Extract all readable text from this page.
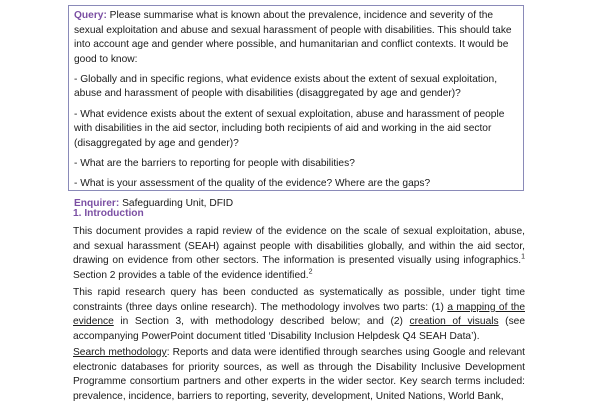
Query: Please summarise what is known about the prevalence, incidence and severity of the sexual exploitation and abuse and sexual harassment of people with disabilities. This should take into account age and gender where possible, and humanitarian and conflict contexts. It would be good to know:

- Globally and in specific regions, what evidence exists about the extent of sexual exploitation, abuse and harassment of people with disabilities (disaggregated by age and gender)?

- What evidence exists about the extent of sexual exploitation, abuse and harassment of people with disabilities in the aid sector, including both recipients of aid and working in the aid sector (disaggregated by age and gender)?

- What are the barriers to reporting for people with disabilities?

- What is your assessment of the quality of the evidence? Where are the gaps?

Enquirer: Safeguarding Unit, DFID

1. Introduction

This document provides a rapid review of the evidence on the scale of sexual exploitation, abuse, and sexual harassment (SEAH) against people with disabilities globally, and within the aid sector, drawing on evidence from other sectors. The information is presented visually using infographics.$^1$ Section 2 provides a table of the evidence identified.$^2$

This rapid research query has been conducted as systematically as possible, under tight time constraints (three days online research). The methodology involves two parts: (1) a mapping of the evidence in Section 3, with methodology described below; and (2) creation of visuals (see accompanying PowerPoint document titled ‘Disability Inclusion Helpdesk Q4 SEAH Data’).

Search methodology: Reports and data were identified through searches using Google and relevant electronic databases for priority sources, as well as through the Disability Inclusive Development Programme consortium partners and other experts in the wider sector. Key search terms included: prevalence, incidence, barriers to reporting, severity, development, United Nations, World Bank,
